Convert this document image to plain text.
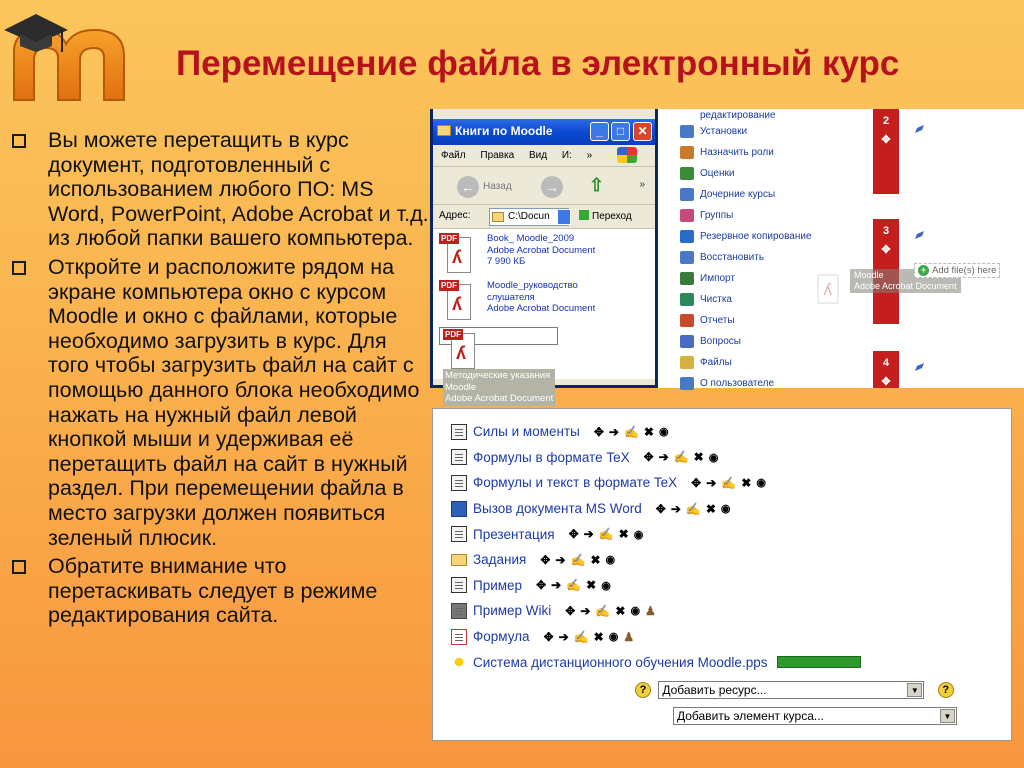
Перемещение файла в электронный курс
Вы можете перетащить в курс документ, подготовленный с использованием любого ПО: MS Word, PowerPoint, Adobe Acrobat и т.д. из любой папки вашего компьютера.
Откройте и расположите рядом на экране компьютера окно с курсом Moodle и окно с файлами, которые необходимо загрузить в курс. Для того чтобы загрузить файл на сайт с помощью данного блока необходимо нажать на нужный файл левой кнопкой мыши и удерживая её перетащить файл на сайт в нужный раздел. При перемещении файла в место загрузки должен появиться зеленый плюсик.
Обратите внимание что перетаскивать следует в режиме редактирования сайта.
Книги по Moodle	_	□	✕
Файл Правка Вид И: »
← Назад → ⇧	»
Адрес:	C:\Docun	Переход
PDF
ʎ
Book_ Moodle_2009
Adobe Acrobat Document
7 990 КБ
PDF
ʎ
Moodle_руководство
слушателя
Adobe Acrobat Document
PDF
ʎ
Методические указания
Moodle
Adobe Acrobat Document
редактирование
Установки
Назначить роли
Оценки
Дочерние курсы
Группы
Резервное копирование
Восстановить
Импорт
Чистка
Отчеты
Вопросы
Файлы
О пользователе
2
✥
3
✥
4
✥
ʎ
Moodle
Adobe Acrobat Document
+ Add file(s) here
Силы и моменты ✥ ➔ ✍ ✖ ◉
Формулы в формате TeX ✥ ➔ ✍ ✖ ◉
Формулы и текст в формате TeX ✥ ➔ ✍ ✖ ◉
Вызов документа MS Word ✥ ➔ ✍ ✖ ◉
Презентация ✥ ➔ ✍ ✖ ◉
Задания ✥ ➔ ✍ ✖ ◉
Пример ✥ ➔ ✍ ✖ ◉
Пример Wiki ✥ ➔ ✍ ✖ ◉ ♟
Формула ✥ ➔ ✍ ✖ ◉ ♟
Система дистанционного обучения Moodle.pps
? Добавить ресурс...	▼	?
Добавить элемент курса...	▼
